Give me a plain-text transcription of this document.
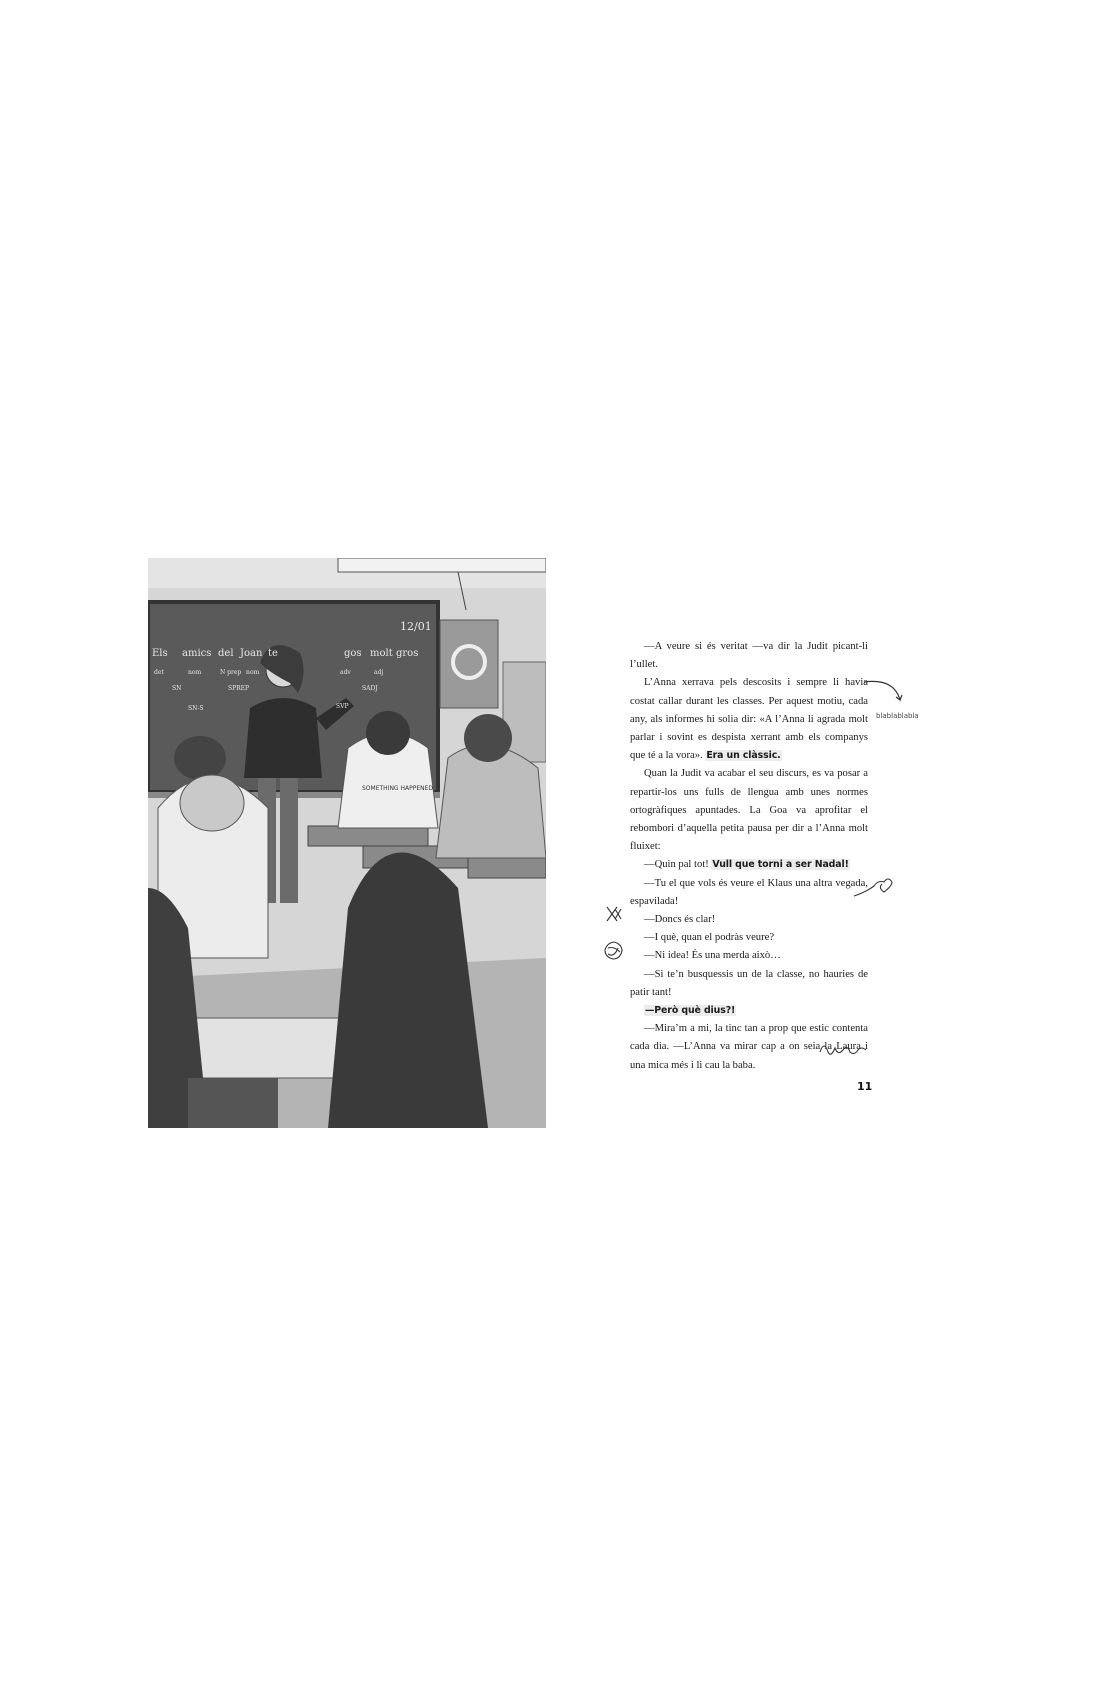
12/01
Els amics del Joan te	gos molt gros
det	nom	N prep nom	adv	adj
SN	SPREP	SADJ
SN-S	SVP
SOMETHING HAPPENED

—A veure si és veritat —va dir la Judit picant-li l’ullet.

L’Anna xerrava pels descosits i sempre li havia costat callar durant les classes. Per aquest motiu, cada any, als informes hi solia dir: «A l’Anna li agrada molt parlar i sovint es despista xerrant amb els companys que té a la vora». Era un clàssic.

Quan la Judit va acabar el seu discurs, es va posar a repartir-los uns fulls de llengua amb unes normes ortogràfiques apuntades. La Goa va aprofitar el rebombori d’aquella petita pausa per dir a l’Anna molt fluixet:

—Quin pal tot! Vull que torni a ser Nadal!

—Tu el que vols és veure el Klaus una altra vegada, espavilada!

—Doncs és clar!

—I què, quan el podràs veure?

—Ni idea! És una merda això…

—Si te’n busquessis un de la classe, no hauries de patir tant!

—Però què dius?!

—Mira’m a mi, la tinc tan a prop que estic contenta cada dia. —L’Anna va mirar cap a on seia la Laura i una mica més i li cau la baba.

blablablabla
11
